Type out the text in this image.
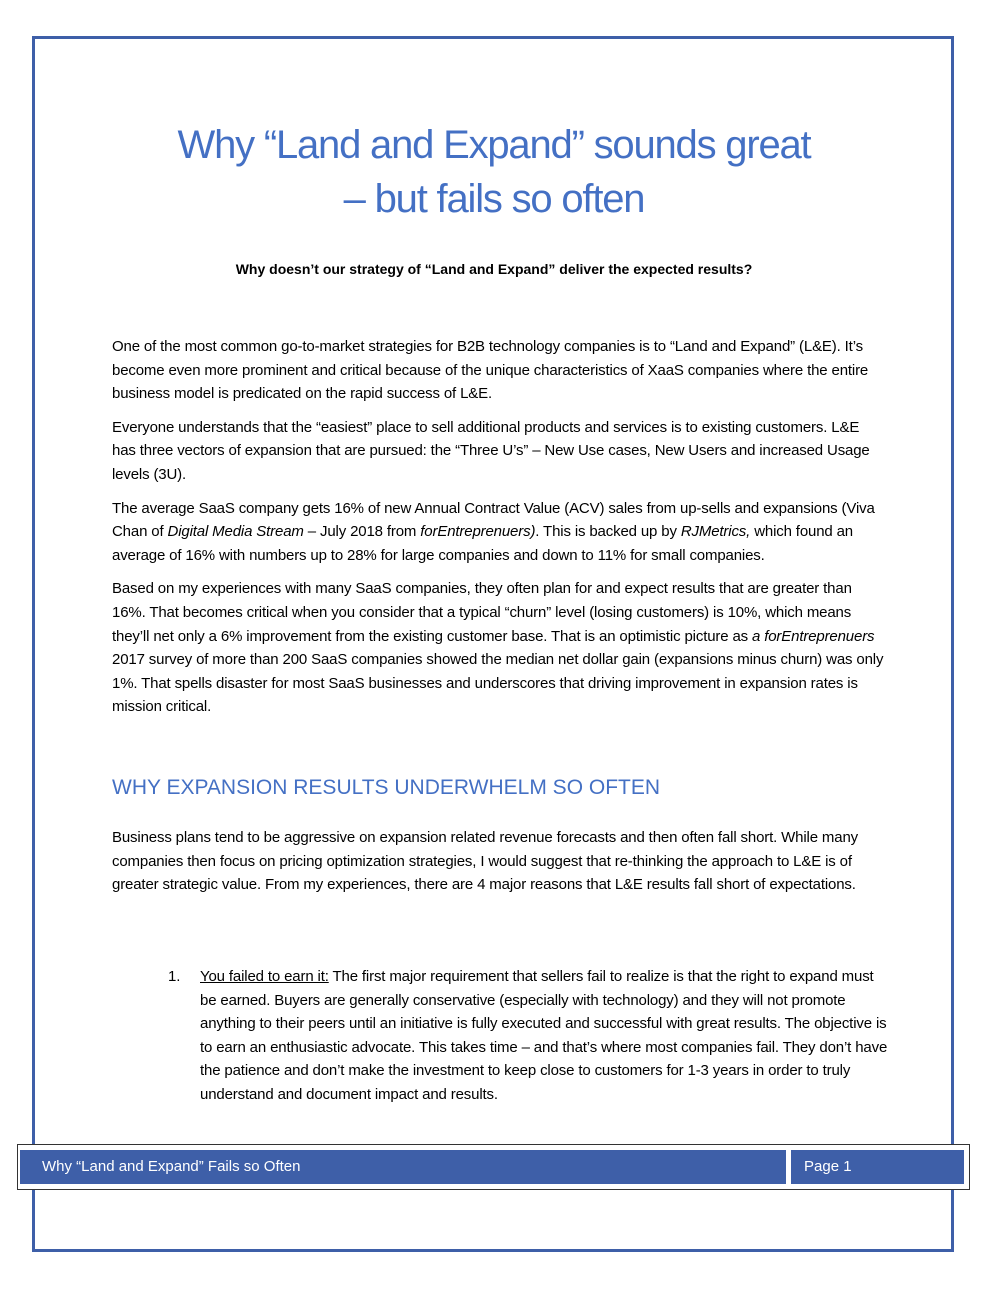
Why “Land and Expand” sounds great
– but fails so often
Why doesn’t our strategy of “Land and Expand” deliver the expected results?

One of the most common go-to-market strategies for B2B technology companies is to “Land and Expand” (L&E). It’s become even more prominent and critical because of the unique characteristics of XaaS companies where the entire business model is predicated on the rapid success of L&E.

Everyone understands that the “easiest” place to sell additional products and services is to existing customers. L&E has three vectors of expansion that are pursued: the “Three U’s” – New Use cases, New Users and increased Usage levels (3U).

The average SaaS company gets 16% of new Annual Contract Value (ACV) sales from up-sells and expansions (Viva Chan of Digital Media Stream – July 2018 from forEntreprenuers). This is backed up by RJMetrics, which found an average of 16% with numbers up to 28% for large companies and down to 11% for small companies.

Based on my experiences with many SaaS companies, they often plan for and expect results that are greater than 16%. That becomes critical when you consider that a typical “churn” level (losing customers) is 10%, which means they’ll net only a 6% improvement from the existing customer base. That is an optimistic picture as a forEntreprenuers 2017 survey of more than 200 SaaS companies showed the median net dollar gain (expansions minus churn) was only 1%. That spells disaster for most SaaS businesses and underscores that driving improvement in expansion rates is mission critical.

WHY EXPANSION RESULTS UNDERWHELM SO OFTEN

Business plans tend to be aggressive on expansion related revenue forecasts and then often fall short. While many companies then focus on pricing optimization strategies, I would suggest that re-thinking the approach to L&E is of greater strategic value. From my experiences, there are 4 major reasons that L&E results fall short of expectations.

1. You failed to earn it: The first major requirement that sellers fail to realize is that the right to expand must be earned. Buyers are generally conservative (especially with technology) and they will not promote anything to their peers until an initiative is fully executed and successful with great results. The objective is to earn an enthusiastic advocate. This takes time – and that’s where most companies fail. They don’t have the patience and don’t make the investment to keep close to customers for 1-3 years in order to truly understand and document impact and results.
Why “Land and Expand” Fails so Often	Page 1
